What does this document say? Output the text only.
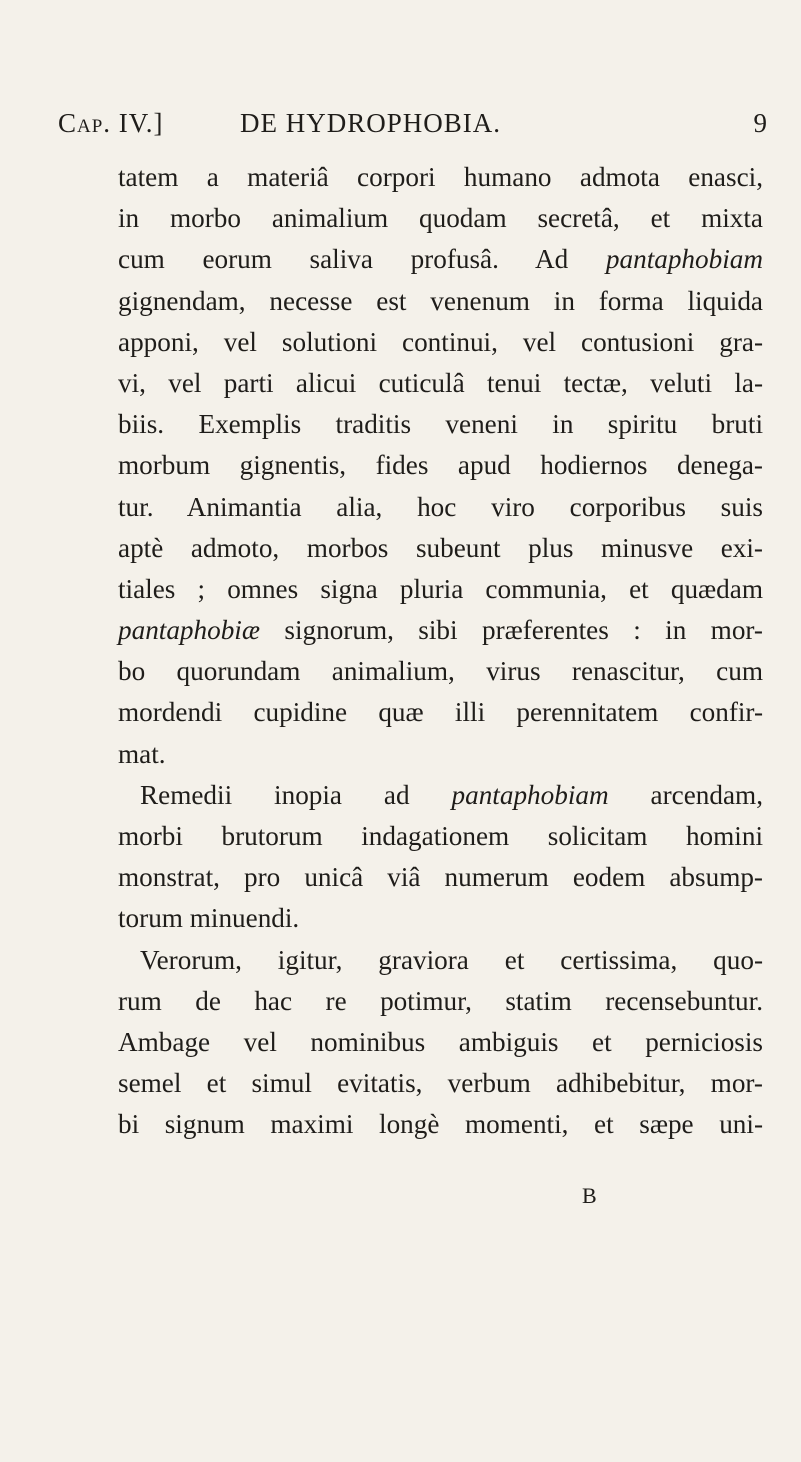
Cap. IV.]	DE HYDROPHOBIA.	9
tatem a materiâ corpori humano admota enasci,
in morbo animalium quodam secretâ, et mixta
cum eorum saliva profusâ. Ad pantaphobiam
gignendam, necesse est venenum in forma liquida
apponi, vel solutioni continui, vel contusioni gra-
vi, vel parti alicui cuticulâ tenui tectæ, veluti la-
biis. Exemplis traditis veneni in spiritu bruti
morbum gignentis, fides apud hodiernos denega-
tur. Animantia alia, hoc viro corporibus suis
aptè admoto, morbos subeunt plus minusve exi-
tiales ; omnes signa pluria communia, et quædam
pantaphobiæ signorum, sibi præferentes : in mor-
bo quorundam animalium, virus renascitur, cum
mordendi cupidine quæ illi perennitatem confir-
mat.
Remedii inopia ad pantaphobiam arcendam,
morbi brutorum indagationem solicitam homini
monstrat, pro unicâ viâ numerum eodem absump-
torum minuendi.
Verorum, igitur, graviora et certissima, quo-
rum de hac re potimur, statim recensebuntur.
Ambage vel nominibus ambiguis et perniciosis
semel et simul evitatis, verbum adhibebitur, mor-
bi signum maximi longè momenti, et sæpe uni-
B
